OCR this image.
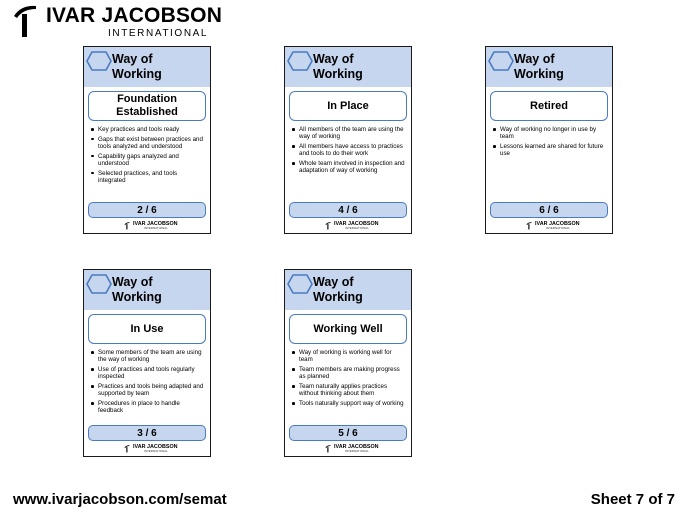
IVAR JACOBSON
INTERNATIONAL
Way of
Working
Foundation Established
Key practices and tools ready
Gaps that exist between practices and tools analyzed and understood
Capability gaps analyzed and understood
Selected practices, and tools integrated
2 / 6
IVAR JACOBSON
INTERNATIONAL
Way of
Working
In Place
All members of the team are using the way of working
All members have access to practices and tools to do their work
Whole team involved in inspection and adaptation of way of working
4 / 6
IVAR JACOBSON
INTERNATIONAL
Way of
Working
Retired
Way of working no longer in use by team
Lessons learned are shared for future use
6 / 6
IVAR JACOBSON
INTERNATIONAL
Way of
Working
In Use
Some members of the team are using the way of working
Use of practices and tools regularly inspected
Practices and tools being adapted and supported by team
Procedures in place to handle feedback
3 / 6
IVAR JACOBSON
INTERNATIONAL
Way of
Working
Working Well
Way of working is working well for team
Team members are making progress as planned
Team naturally applies practices without thinking about them
Tools naturally support way of working
5 / 6
IVAR JACOBSON
INTERNATIONAL
www.ivarjacobson.com/semat	Sheet 7 of 7
